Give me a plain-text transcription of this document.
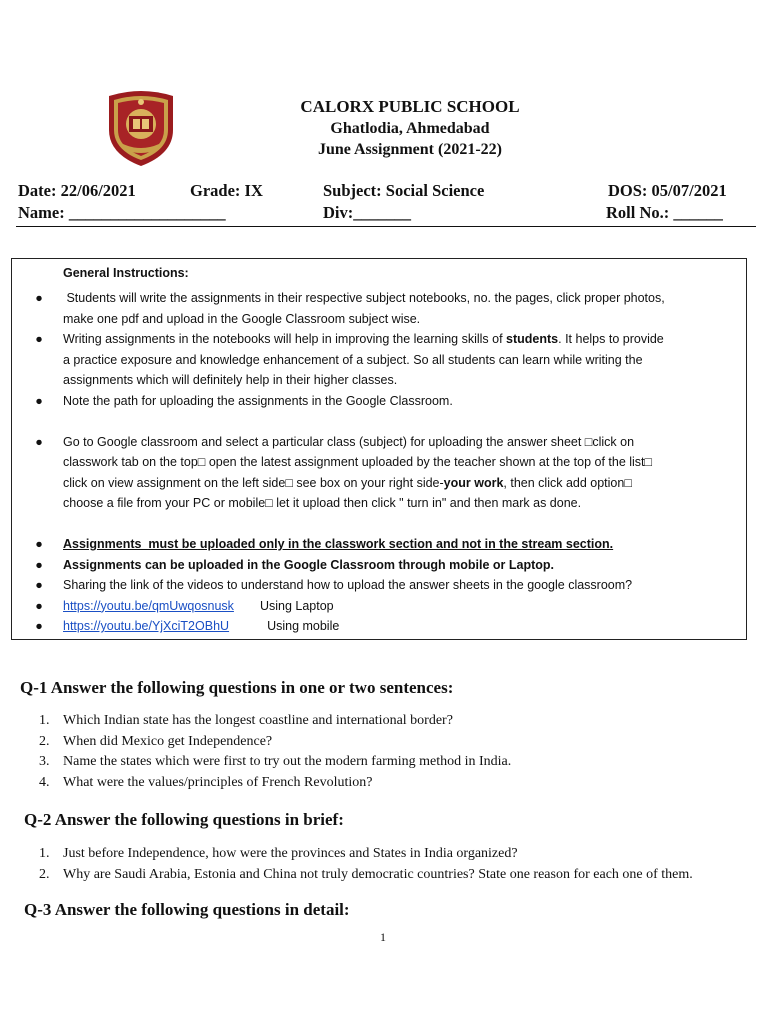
CALORX PUBLIC SCHOOL
Ghatlodia, Ahmedabad
June Assignment (2021-22)
Date: 22/06/2021	Grade: IX	Subject: Social Science	DOS: 05/07/2021
Name: ___________________	Div:_______	Roll No.: ______
General Instructions:
● Students will write the assignments in their respective subject notebooks, no. the pages, click proper photos,
make one pdf and upload in the Google Classroom subject wise.
● Writing assignments in the notebooks will help in improving the learning skills of students. It helps to provide
a practice exposure and knowledge enhancement of a subject. So all students can learn while writing the
assignments which will definitely help in their higher classes.
● Note the path for uploading the assignments in the Google Classroom.
● Go to Google classroom and select a particular class (subject) for uploading the answer sheet □click on
classwork tab on the top□ open the latest assignment uploaded by the teacher shown at the top of the list□
click on view assignment on the left side□ see box on your right side-your work, then click add option□
choose a file from your PC or mobile□ let it upload then click " turn in" and then mark as done.
● Assignments  must be uploaded only in the classwork section and not in the stream section.
● Assignments can be uploaded in the Google Classroom through mobile or Laptop.
● Sharing the link of the videos to understand how to upload the answer sheets in the google classroom?
● https://youtu.be/qmUwqosnusk Using Laptop
● https://youtu.be/YjXciT2OBhU	Using mobile
Q-1 Answer the following questions in one or two sentences:
1. Which Indian state has the longest coastline and international border?
2. When did Mexico get Independence?
3. Name the states which were first to try out the modern farming method in India.
4. What were the values/principles of French Revolution?
Q-2 Answer the following questions in brief:
1. Just before Independence, how were the provinces and States in India organized?
2. Why are Saudi Arabia, Estonia and China not truly democratic countries? State one reason for each one of them.
Q-3 Answer the following questions in detail:
1
